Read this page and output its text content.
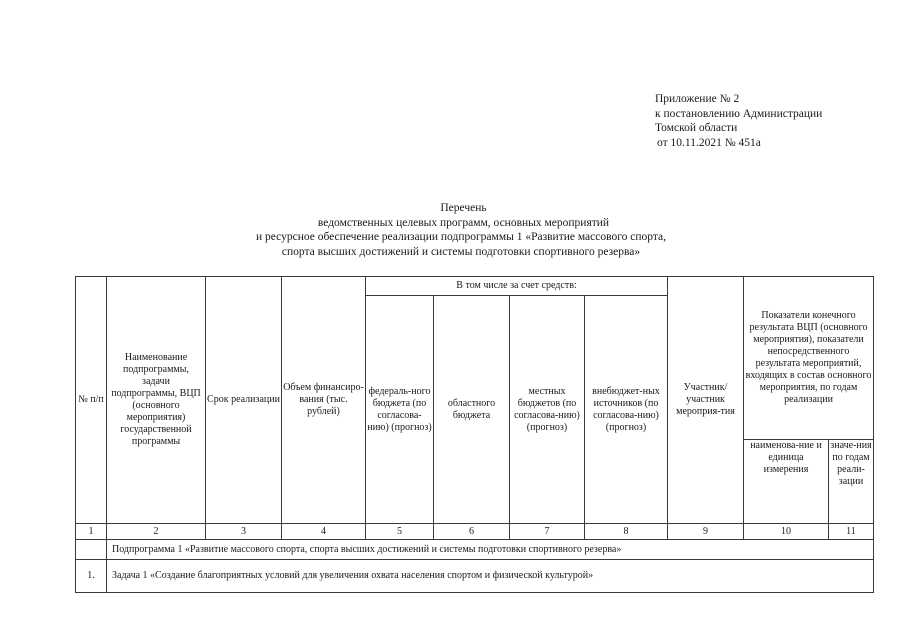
Приложение № 2
к постановлению Администрации
Томской области
от 10.11.2021 № 451а
Перечень
ведомственных целевых программ, основных мероприятий
и ресурсное обеспечение реализации подпрограммы 1 «Развитие массового спорта,
спорта высших достижений и системы подготовки спортивного резерва»
№ п/п	Наименование подпрограммы, задачи подпрограммы, ВЦП (основного мероприятия) государственной программы	Срок реализации	Объем финансиро-вания (тыс. рублей)	В том числе за счет средств:				Участник/ участник мероприя-тия	Показатели конечного результата ВЦП (основного мероприятия), показатели непосредственного результата мероприятий, входящих в состав основного мероприятия, по годам реализации	
				федераль-ного бюджета (по согласова-нию) (прогноз)	областного бюджета	местных бюджетов (по согласова-нию) (прогноз)	внебюджет-ных источников (по согласова-нию) (прогноз)			
									наименова-ние и единица измерения	значе-ния по годам реали-зации
1	2	3	4	5	6	7	8	9	10	11
	Подпрограмма 1 «Развитие массового спорта, спорта высших достижений и системы подготовки спортивного резерва»									
1.	Задача 1 «Создание благоприятных условий для увеличения охвата населения спортом и физической культурой»									
